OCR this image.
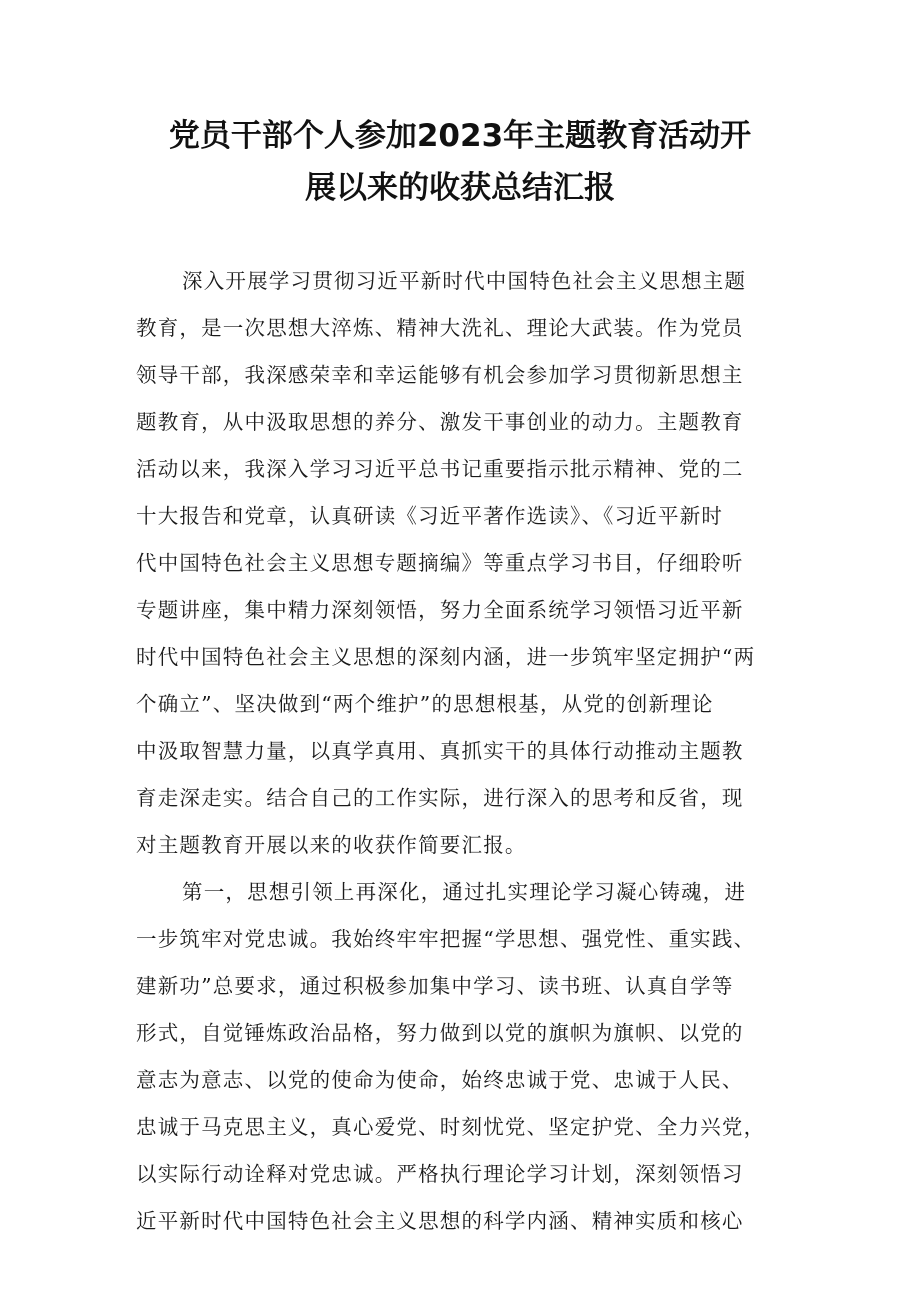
党员干部个人参加2023年主题教育活动开
展以来的收获总结汇报
深入开展学习贯彻习近平新时代中国特色社会主义思想主题
教育，是一次思想大淬炼、精神大洗礼、理论大武装。作为党员
领导干部，我深感荣幸和幸运能够有机会参加学习贯彻新思想主
题教育，从中汲取思想的养分、激发干事创业的动力。主题教育
活动以来，我深入学习习近平总书记重要指示批示精神、党的二
十大报告和党章，认真研读《习近平著作选读》、《习近平新时
代中国特色社会主义思想专题摘编》等重点学习书目，仔细聆听
专题讲座，集中精力深刻领悟，努力全面系统学习领悟习近平新
时代中国特色社会主义思想的深刻内涵，进一步筑牢坚定拥护“两
个确立”、坚决做到“两个维护”的思想根基，从党的创新理论
中汲取智慧力量，以真学真用、真抓实干的具体行动推动主题教
育走深走实。结合自己的工作实际，进行深入的思考和反省，现
对主题教育开展以来的收获作简要汇报。
第一，思想引领上再深化，通过扎实理论学习凝心铸魂，进
一步筑牢对党忠诚。我始终牢牢把握“学思想、强党性、重实践、
建新功”总要求，通过积极参加集中学习、读书班、认真自学等
形式，自觉锤炼政治品格，努力做到以党的旗帜为旗帜、以党的
意志为意志、以党的使命为使命，始终忠诚于党、忠诚于人民、
忠诚于马克思主义，真心爱党、时刻忧党、坚定护党、全力兴党，
以实际行动诠释对党忠诚。严格执行理论学习计划，深刻领悟习
近平新时代中国特色社会主义思想的科学内涵、精神实质和核心
